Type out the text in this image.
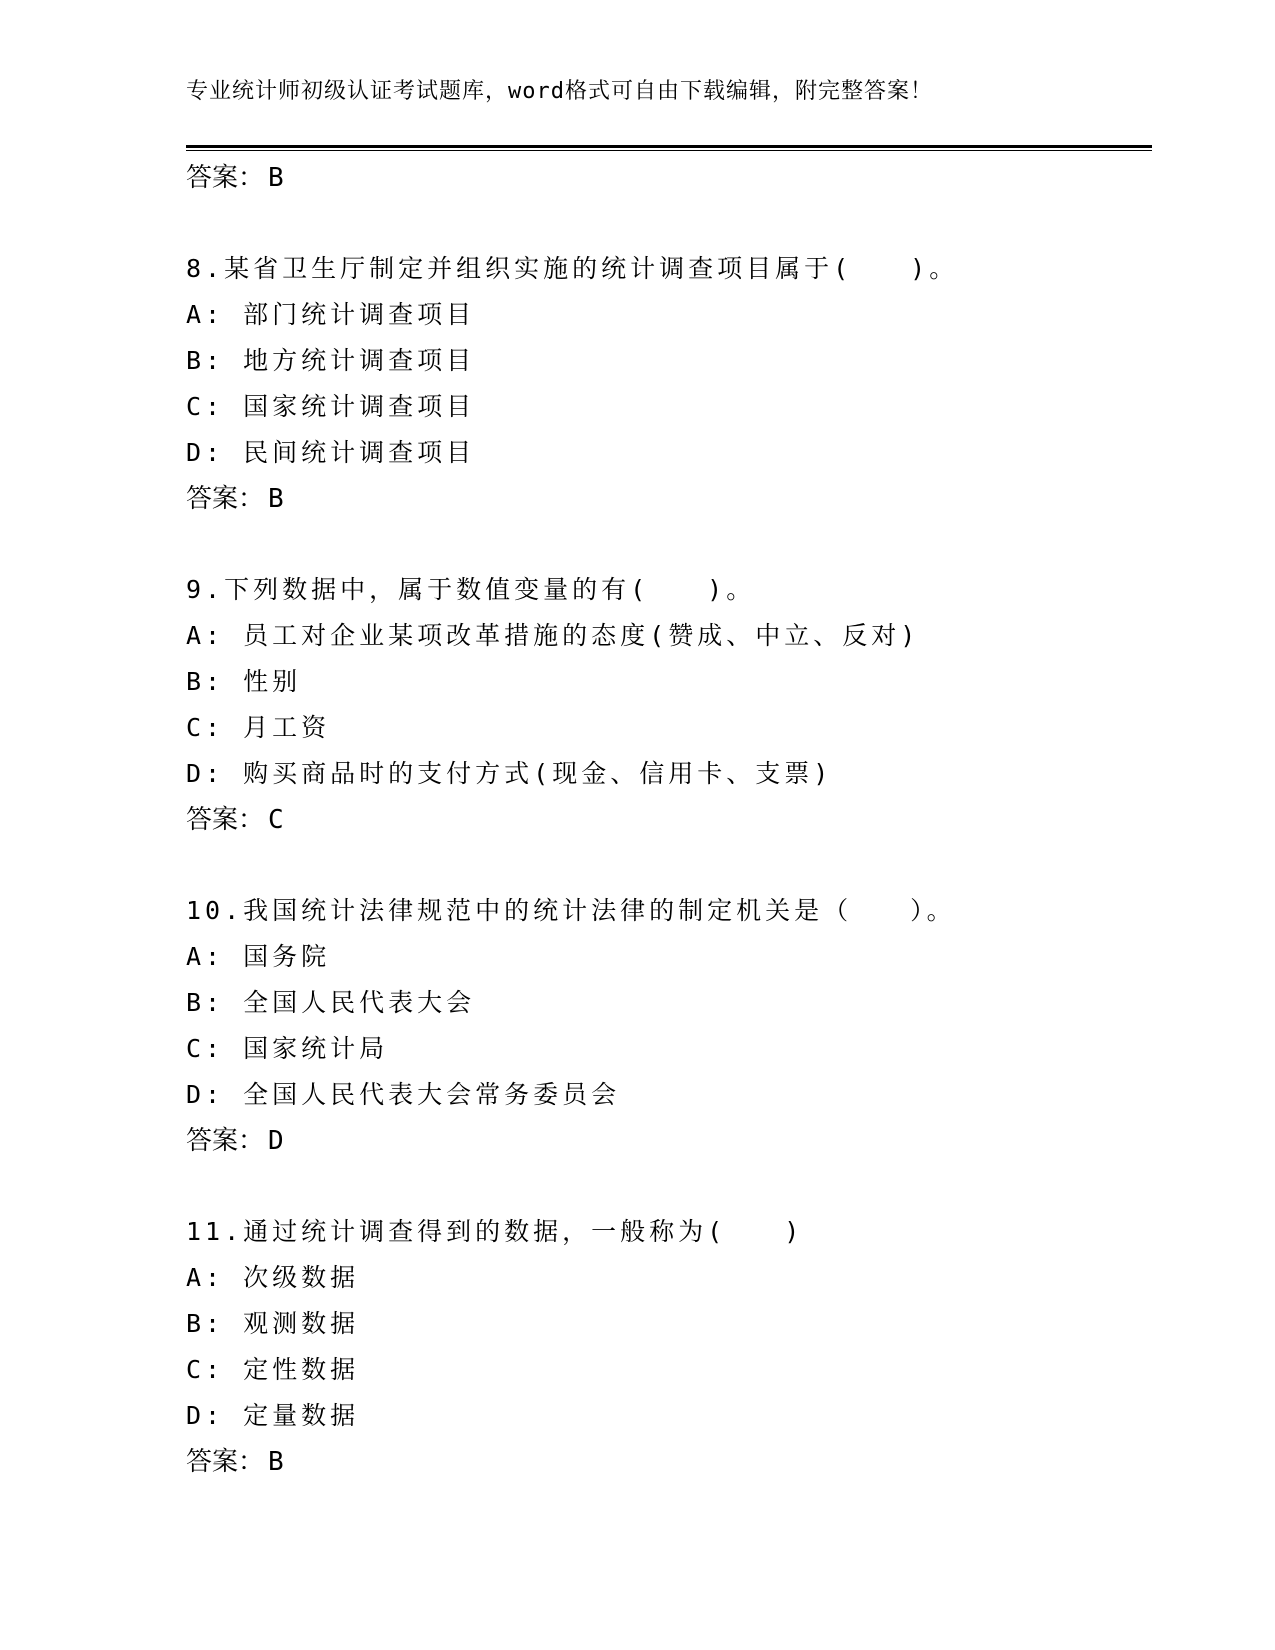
专业统计师初级认证考试题库，word格式可自由下载编辑，附完整答案！
答案： B
8.某省卫生厅制定并组织实施的统计调查项目属于(　　)。
A: 部门统计调查项目
B: 地方统计调查项目
C: 国家统计调查项目
D: 民间统计调查项目
答案： B
9.下列数据中，属于数值变量的有(　　)。
A: 员工对企业某项改革措施的态度(赞成、中立、反对)
B: 性别
C: 月工资
D: 购买商品时的支付方式(现金、信用卡、支票)
答案： C
10.我国统计法律规范中的统计法律的制定机关是（　　）。
A: 国务院
B: 全国人民代表大会
C: 国家统计局
D: 全国人民代表大会常务委员会
答案： D
11.通过统计调查得到的数据，一般称为(　　)
A: 次级数据
B: 观测数据
C: 定性数据
D: 定量数据
答案： B
